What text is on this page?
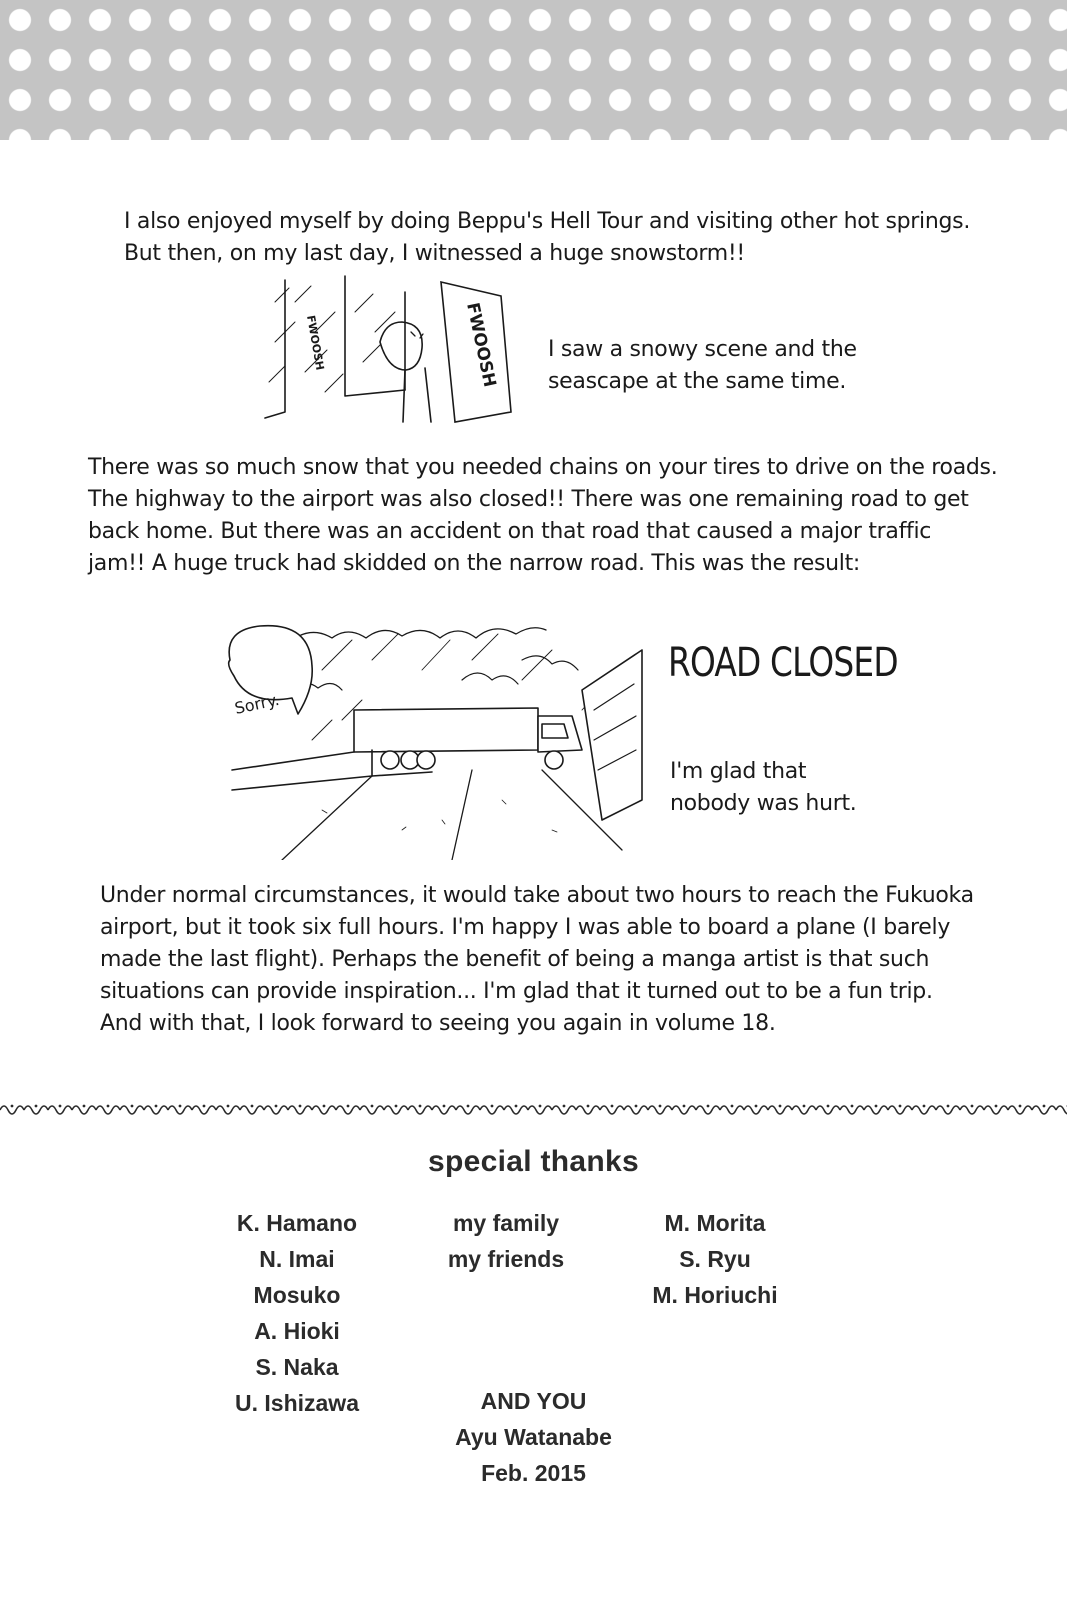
I also enjoyed myself by doing Beppu's Hell Tour and visiting other hot springs.
But then, on my last day, I witnessed a huge snowstorm!!

FWOOSH	FWOOSH I saw a snowy scene and the
seascape at the same time.

There was so much snow that you needed chains on your tires to drive on the roads.
The highway to the airport was also closed!! There was one remaining road to get
back home. But there was an accident on that road that caused a major traffic
jam!! A huge truck had skidded on the narrow road. This was the result:

Sorry.
ROAD CLOSED

I'm glad that
nobody was hurt.

Under normal circumstances, it would take about two hours to reach the Fukuoka
airport, but it took six full hours. I'm happy I was able to board a plane (I barely
made the last flight). Perhaps the benefit of being a manga artist is that such
situations can provide inspiration... I'm glad that it turned out to be a fun trip.
And with that, I look forward to seeing you again in volume 18.

special thanks
K. Hamano
N. Imai
Mosuko
A. Hioki
S. Naka
U. Ishizawa
my family
my friends
M. Morita
S. Ryu
M. Horiuchi
AND YOU
Ayu Watanabe
Feb. 2015
